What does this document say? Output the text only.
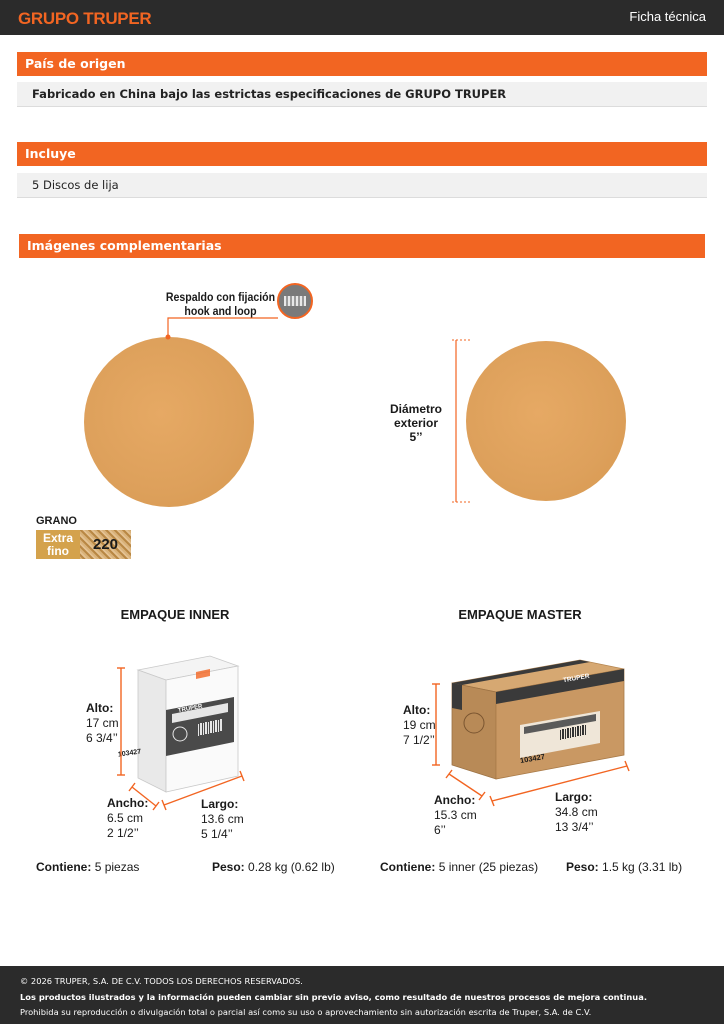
GRUPO TRUPER	Ficha técnica
País de origen
Fabricado en China bajo las estrictas especificaciones de GRUPO TRUPER
Incluye
5 Discos de lija
Imágenes complementarias
Respaldo con fijación
hook and loop
Diámetro
exterior
5’’
GRANO
Extra
fino	220
EMPAQUE INNER	EMPAQUE MASTER
103427
TRUPER
Alto:
17 cm
6 3/4’’
Ancho:
6.5 cm
2 1/2’’
Largo:
13.6 cm
5 1/4’’
103427
TRUPER
Alto:
19 cm
7 1/2’’
Ancho:
15.3 cm
6’’
Largo:
34.8 cm
13 3/4’’
Contiene: 5 piezas	Peso: 0.28 kg (0.62 lb)	Contiene: 5 inner (25 piezas) Peso: 1.5 kg (3.31 lb)
© 2026 TRUPER, S.A. DE C.V. TODOS LOS DERECHOS RESERVADOS.
Los productos ilustrados y la información pueden cambiar sin previo aviso, como resultado de nuestros procesos de mejora continua.
Prohibida su reproducción o divulgación total o parcial así como su uso o aprovechamiento sin autorización escrita de Truper, S.A. de C.V.
